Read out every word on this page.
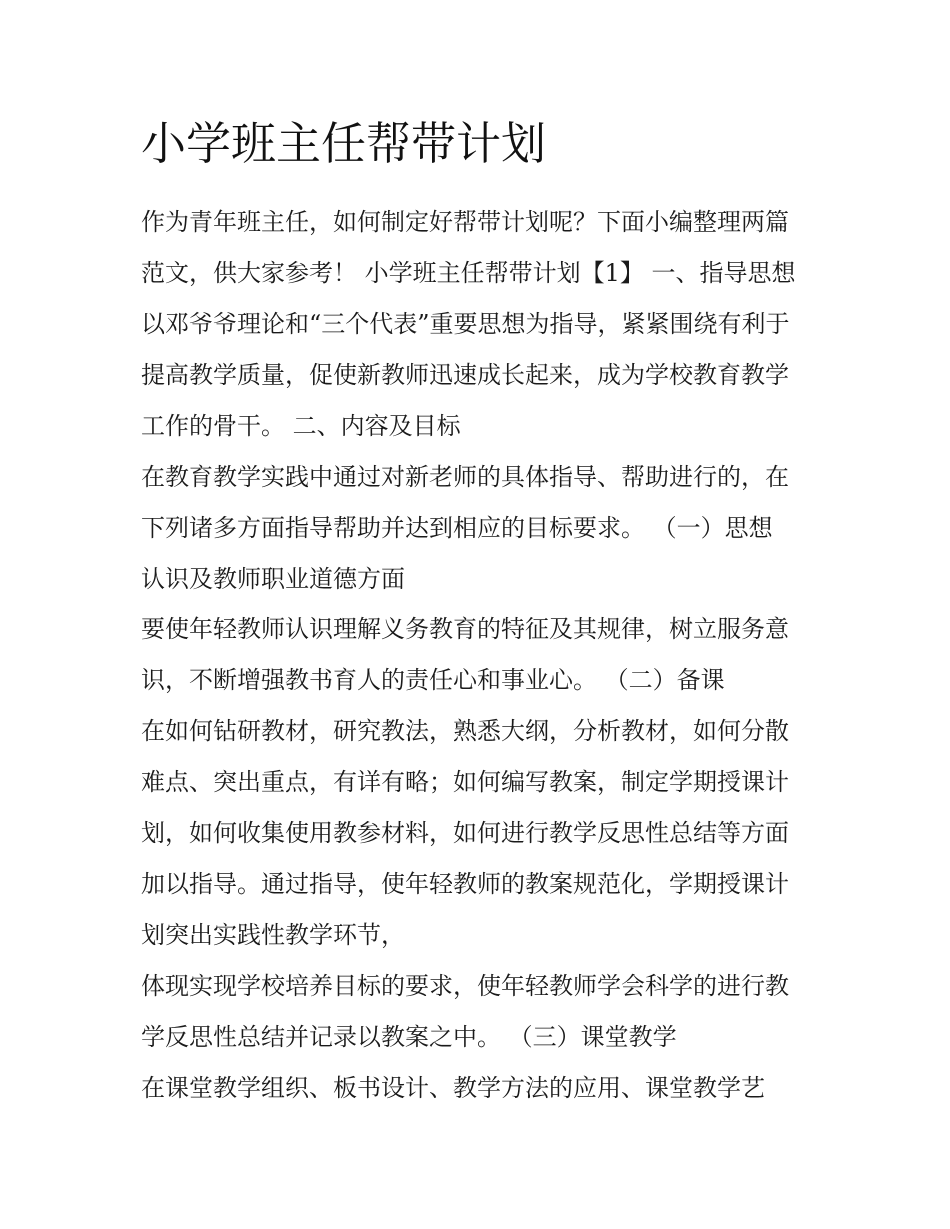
小学班主任帮带计划

作为青年班主任，如何制定好帮带计划呢？下面小编整理两篇

范文，供大家参考！ 小学班主任帮带计划【1】 一、指导思想

以邓爷爷理论和“三个代表”重要思想为指导，紧紧围绕有利于

提高教学质量，促使新教师迅速成长起来，成为学校教育教学

工作的骨干。 二、内容及目标

在教育教学实践中通过对新老师的具体指导、帮助进行的，在

下列诸多方面指导帮助并达到相应的目标要求。 （一）思想

认识及教师职业道德方面

要使年轻教师认识理解义务教育的特征及其规律，树立服务意

识，不断增强教书育人的责任心和事业心。 （二）备课

在如何钻研教材，研究教法，熟悉大纲，分析教材，如何分散

难点、突出重点，有详有略；如何编写教案，制定学期授课计

划，如何收集使用教参材料，如何进行教学反思性总结等方面

加以指导。通过指导，使年轻教师的教案规范化，学期授课计

划突出实践性教学环节，

体现实现学校培养目标的要求，使年轻教师学会科学的进行教

学反思性总结并记录以教案之中。 （三）课堂教学

在课堂教学组织、板书设计、教学方法的应用、课堂教学艺
